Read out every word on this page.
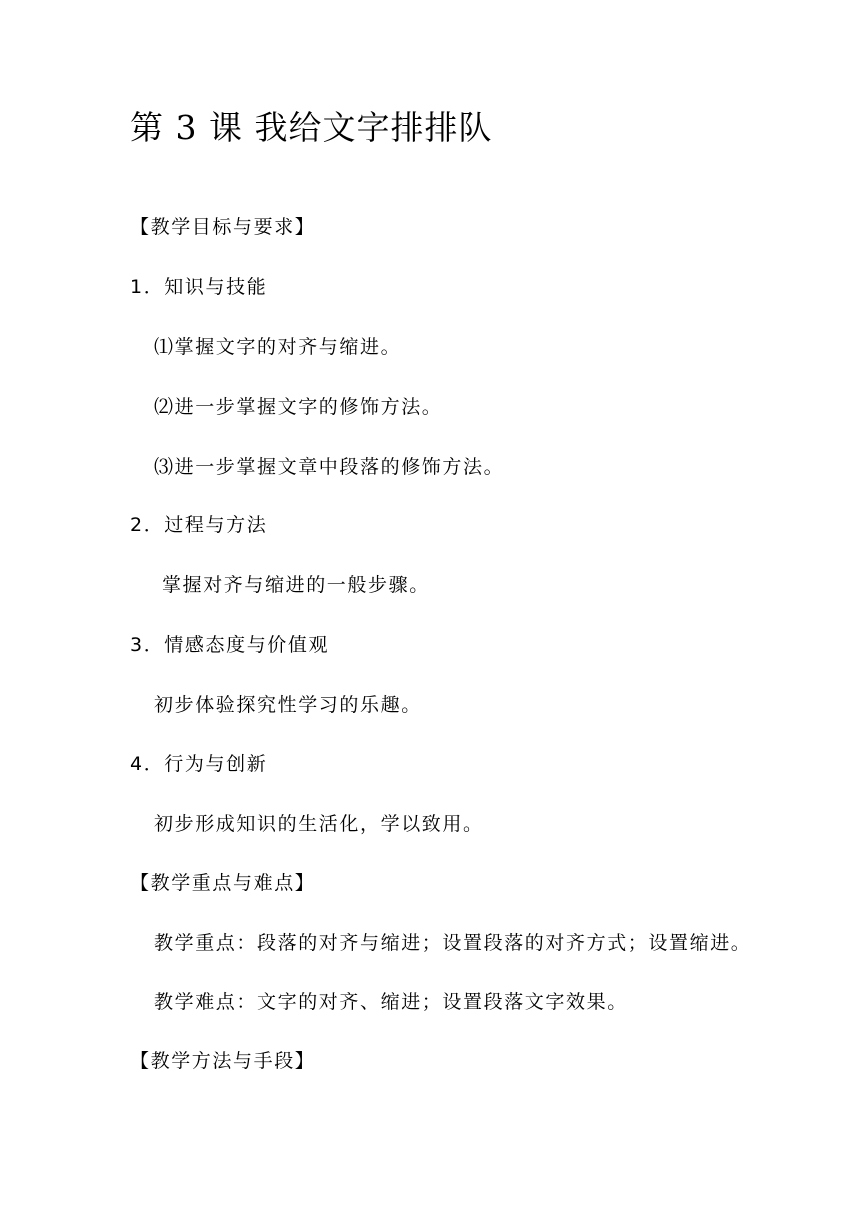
第 3 课 我给文字排排队
【教学目标与要求】
1．知识与技能
⑴掌握文字的对齐与缩进。
⑵进一步掌握文字的修饰方法。
⑶进一步掌握文章中段落的修饰方法。
2．过程与方法
掌握对齐与缩进的一般步骤。
3．情感态度与价值观
初步体验探究性学习的乐趣。
4．行为与创新
初步形成知识的生活化，学以致用。
【教学重点与难点】
教学重点：段落的对齐与缩进；设置段落的对齐方式；设置缩进。
教学难点：文字的对齐、缩进；设置段落文字效果。
【教学方法与手段】
